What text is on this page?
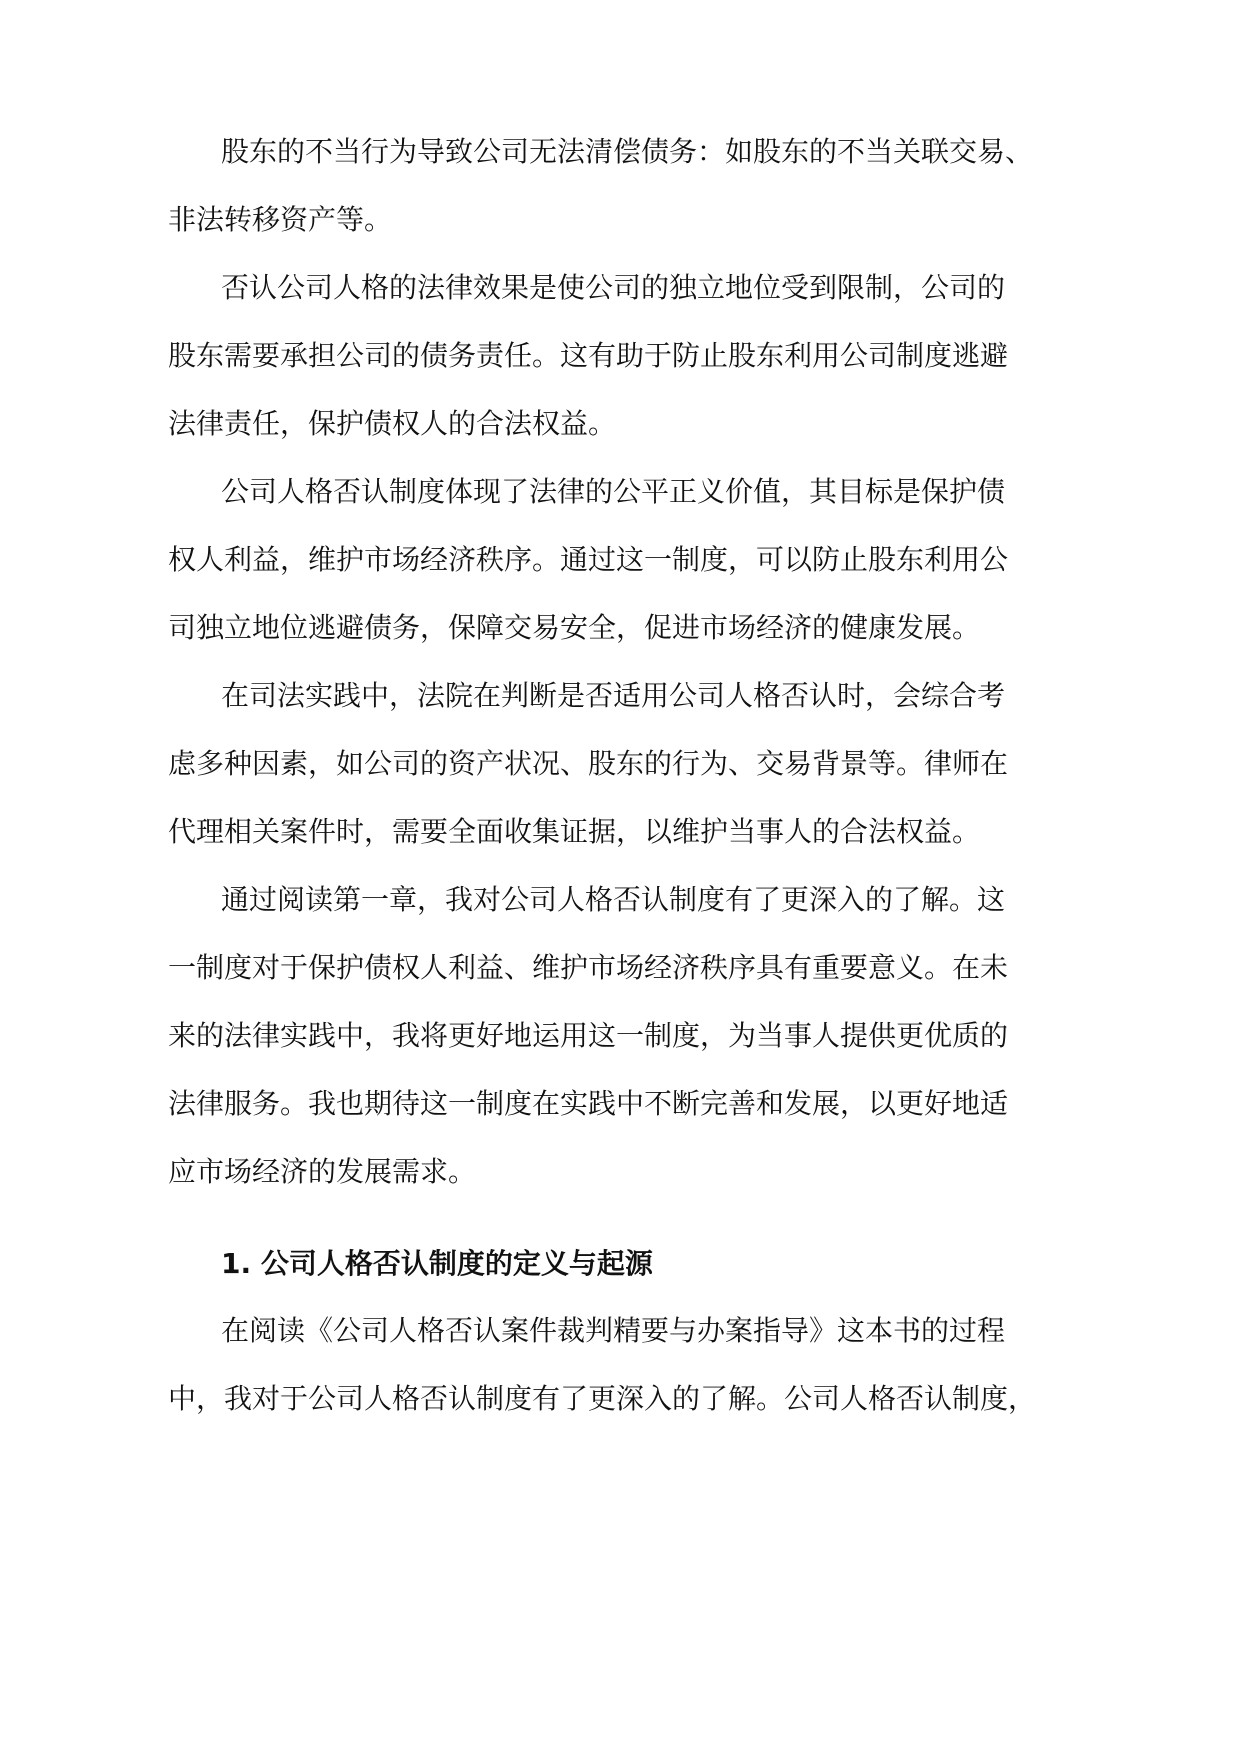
股东的不当行为导致公司无法清偿债务：如股东的不当关联交易、
非法转移资产等。
否认公司人格的法律效果是使公司的独立地位受到限制，公司的
股东需要承担公司的债务责任。这有助于防止股东利用公司制度逃避
法律责任，保护债权人的合法权益。
公司人格否认制度体现了法律的公平正义价值，其目标是保护债
权人利益，维护市场经济秩序。通过这一制度，可以防止股东利用公
司独立地位逃避债务，保障交易安全，促进市场经济的健康发展。
在司法实践中，法院在判断是否适用公司人格否认时，会综合考
虑多种因素，如公司的资产状况、股东的行为、交易背景等。律师在
代理相关案件时，需要全面收集证据，以维护当事人的合法权益。
通过阅读第一章，我对公司人格否认制度有了更深入的了解。这
一制度对于保护债权人利益、维护市场经济秩序具有重要意义。在未
来的法律实践中，我将更好地运用这一制度，为当事人提供更优质的
法律服务。我也期待这一制度在实践中不断完善和发展，以更好地适
应市场经济的发展需求。
1. 公司人格否认制度的定义与起源
在阅读《公司人格否认案件裁判精要与办案指导》这本书的过程
中，我对于公司人格否认制度有了更深入的了解。公司人格否认制度，
